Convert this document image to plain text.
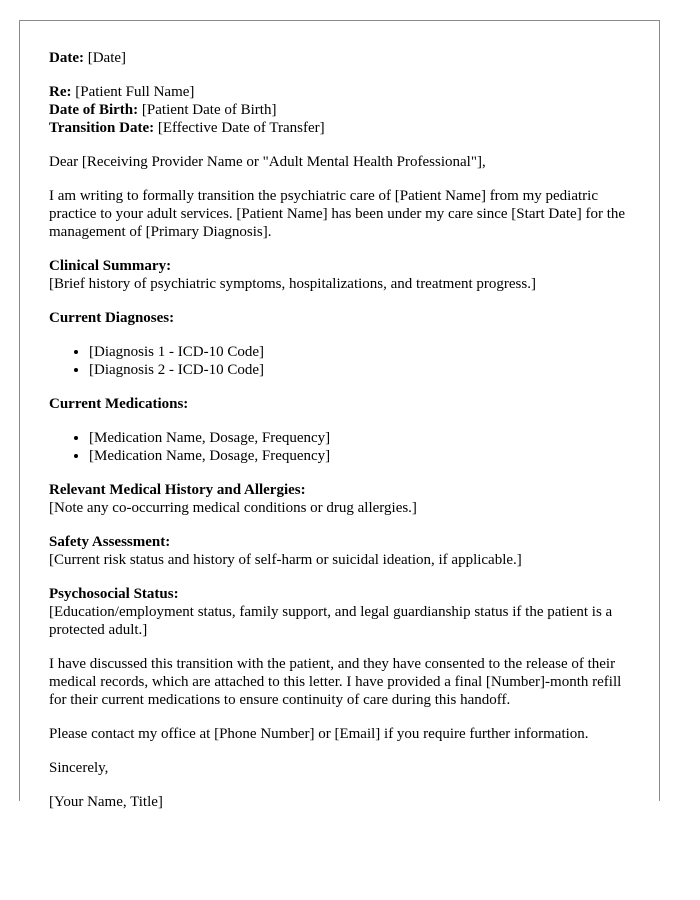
Date: [Date]

Re: [Patient Full Name]
Date of Birth: [Patient Date of Birth]
Transition Date: [Effective Date of Transfer]

Dear [Receiving Provider Name or "Adult Mental Health Professional"],

I am writing to formally transition the psychiatric care of [Patient Name] from my pediatric practice to your adult services. [Patient Name] has been under my care since [Start Date] for the management of [Primary Diagnosis].

Clinical Summary:
[Brief history of psychiatric symptoms, hospitalizations, and treatment progress.]

Current Diagnoses:

• [Diagnosis 1 - ICD-10 Code]
• [Diagnosis 2 - ICD-10 Code]

Current Medications:

• [Medication Name, Dosage, Frequency]
• [Medication Name, Dosage, Frequency]

Relevant Medical History and Allergies:
[Note any co-occurring medical conditions or drug allergies.]

Safety Assessment:
[Current risk status and history of self-harm or suicidal ideation, if applicable.]

Psychosocial Status:
[Education/employment status, family support, and legal guardianship status if the patient is a protected adult.]

I have discussed this transition with the patient, and they have consented to the release of their medical records, which are attached to this letter. I have provided a final [Number]-month refill for their current medications to ensure continuity of care during this handoff.

Please contact my office at [Phone Number] or [Email] if you require further information.

Sincerely,

[Your Name, Title]
